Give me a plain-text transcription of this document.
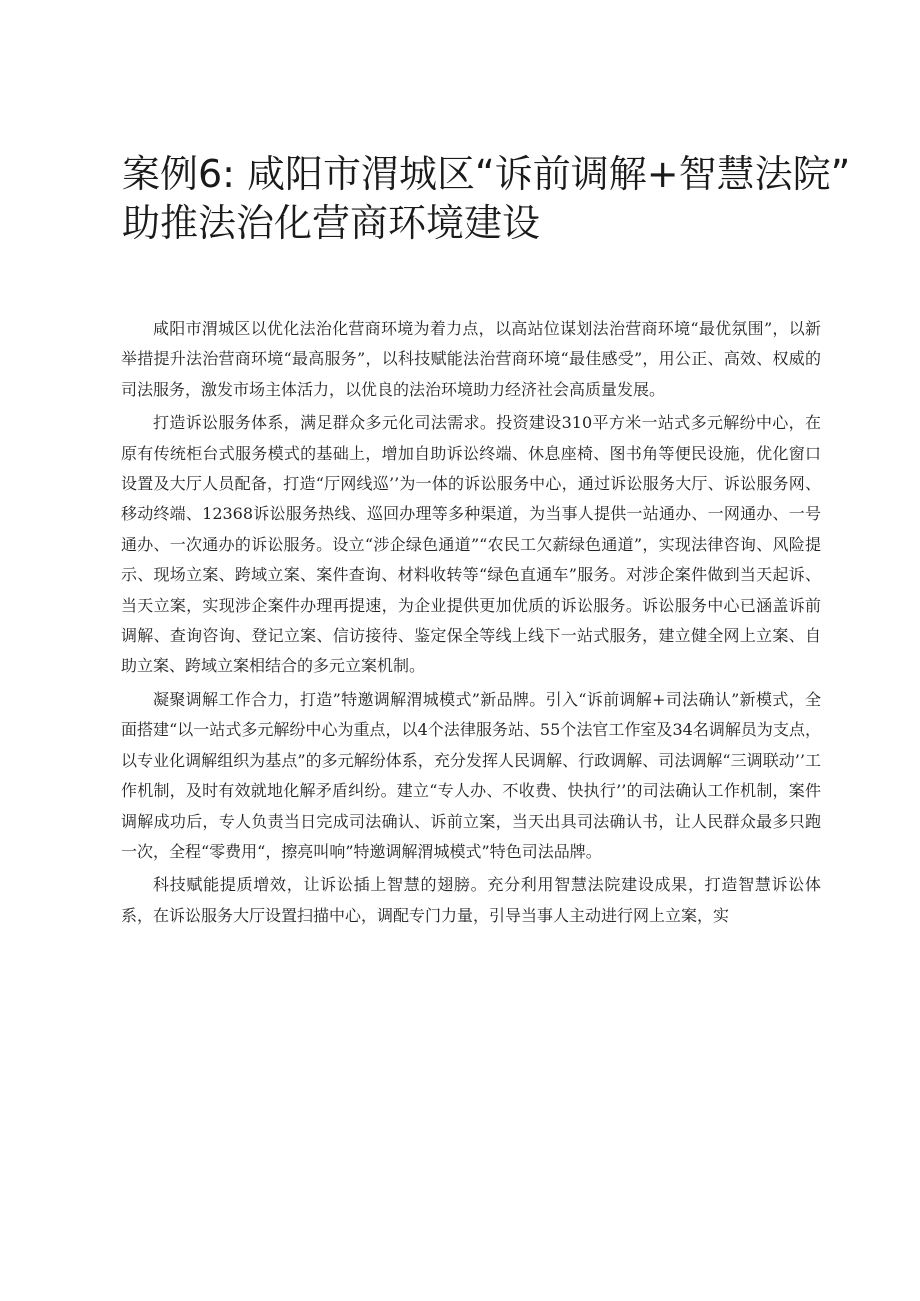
案例6: 咸阳市渭城区“诉前调解+智慧法院”
助推法治化营商环境建设

咸阳市渭城区以优化法治化营商环境为着力点，以高站位谋划法治营商环境“最优氛围”，以新举措提升法治营商环境“最高服务”，以科技赋能法治营商环境“最佳感受”，用公正、高效、权威的司法服务，激发市场主体活力，以优良的法治环境助力经济社会高质量发展。

打造诉讼服务体系，满足群众多元化司法需求。投资建设310平方米一站式多元解纷中心，在原有传统柜台式服务模式的基础上，增加自助诉讼终端、休息座椅、图书角等便民设施，优化窗口设置及大厅人员配备，打造“厅网线巡’’为一体的诉讼服务中心，通过诉讼服务大厅、诉讼服务网、移动终端、12368诉讼服务热线、巡回办理等多种渠道，为当事人提供一站通办、一网通办、一号通办、一次通办的诉讼服务。设立“涉企绿色通道”“农民工欠薪绿色通道”，实现法律咨询、风险提示、现场立案、跨域立案、案件查询、材料收转等“绿色直通车”服务。对涉企案件做到当天起诉、当天立案，实现涉企案件办理再提速，为企业提供更加优质的诉讼服务。诉讼服务中心已涵盖诉前调解、查询咨询、登记立案、信访接待、鉴定保全等线上线下一站式服务，建立健全网上立案、自助立案、跨域立案相结合的多元立案机制。

凝聚调解工作合力，打造”特邀调解渭城模式”新品牌。引入“诉前调解+司法确认”新模式，全面搭建“以一站式多元解纷中心为重点，以4个法律服务站、55个法官工作室及34名调解员为支点，以专业化调解组织为基点”的多元解纷体系，充分发挥人民调解、行政调解、司法调解“三调联动’’工作机制，及时有效就地化解矛盾纠纷。建立“专人办、不收费、快执行’’的司法确认工作机制，案件调解成功后，专人负责当日完成司法确认、诉前立案，当天出具司法确认书，让人民群众最多只跑一次，全程“零费用“，擦亮叫响”特邀调解渭城模式”特色司法品牌。

科技赋能提质增效，让诉讼插上智慧的翅膀。充分利用智慧法院建设成果，打造智慧诉讼体系，在诉讼服务大厅设置扫描中心，调配专门力量，引导当事人主动进行网上立案，实
